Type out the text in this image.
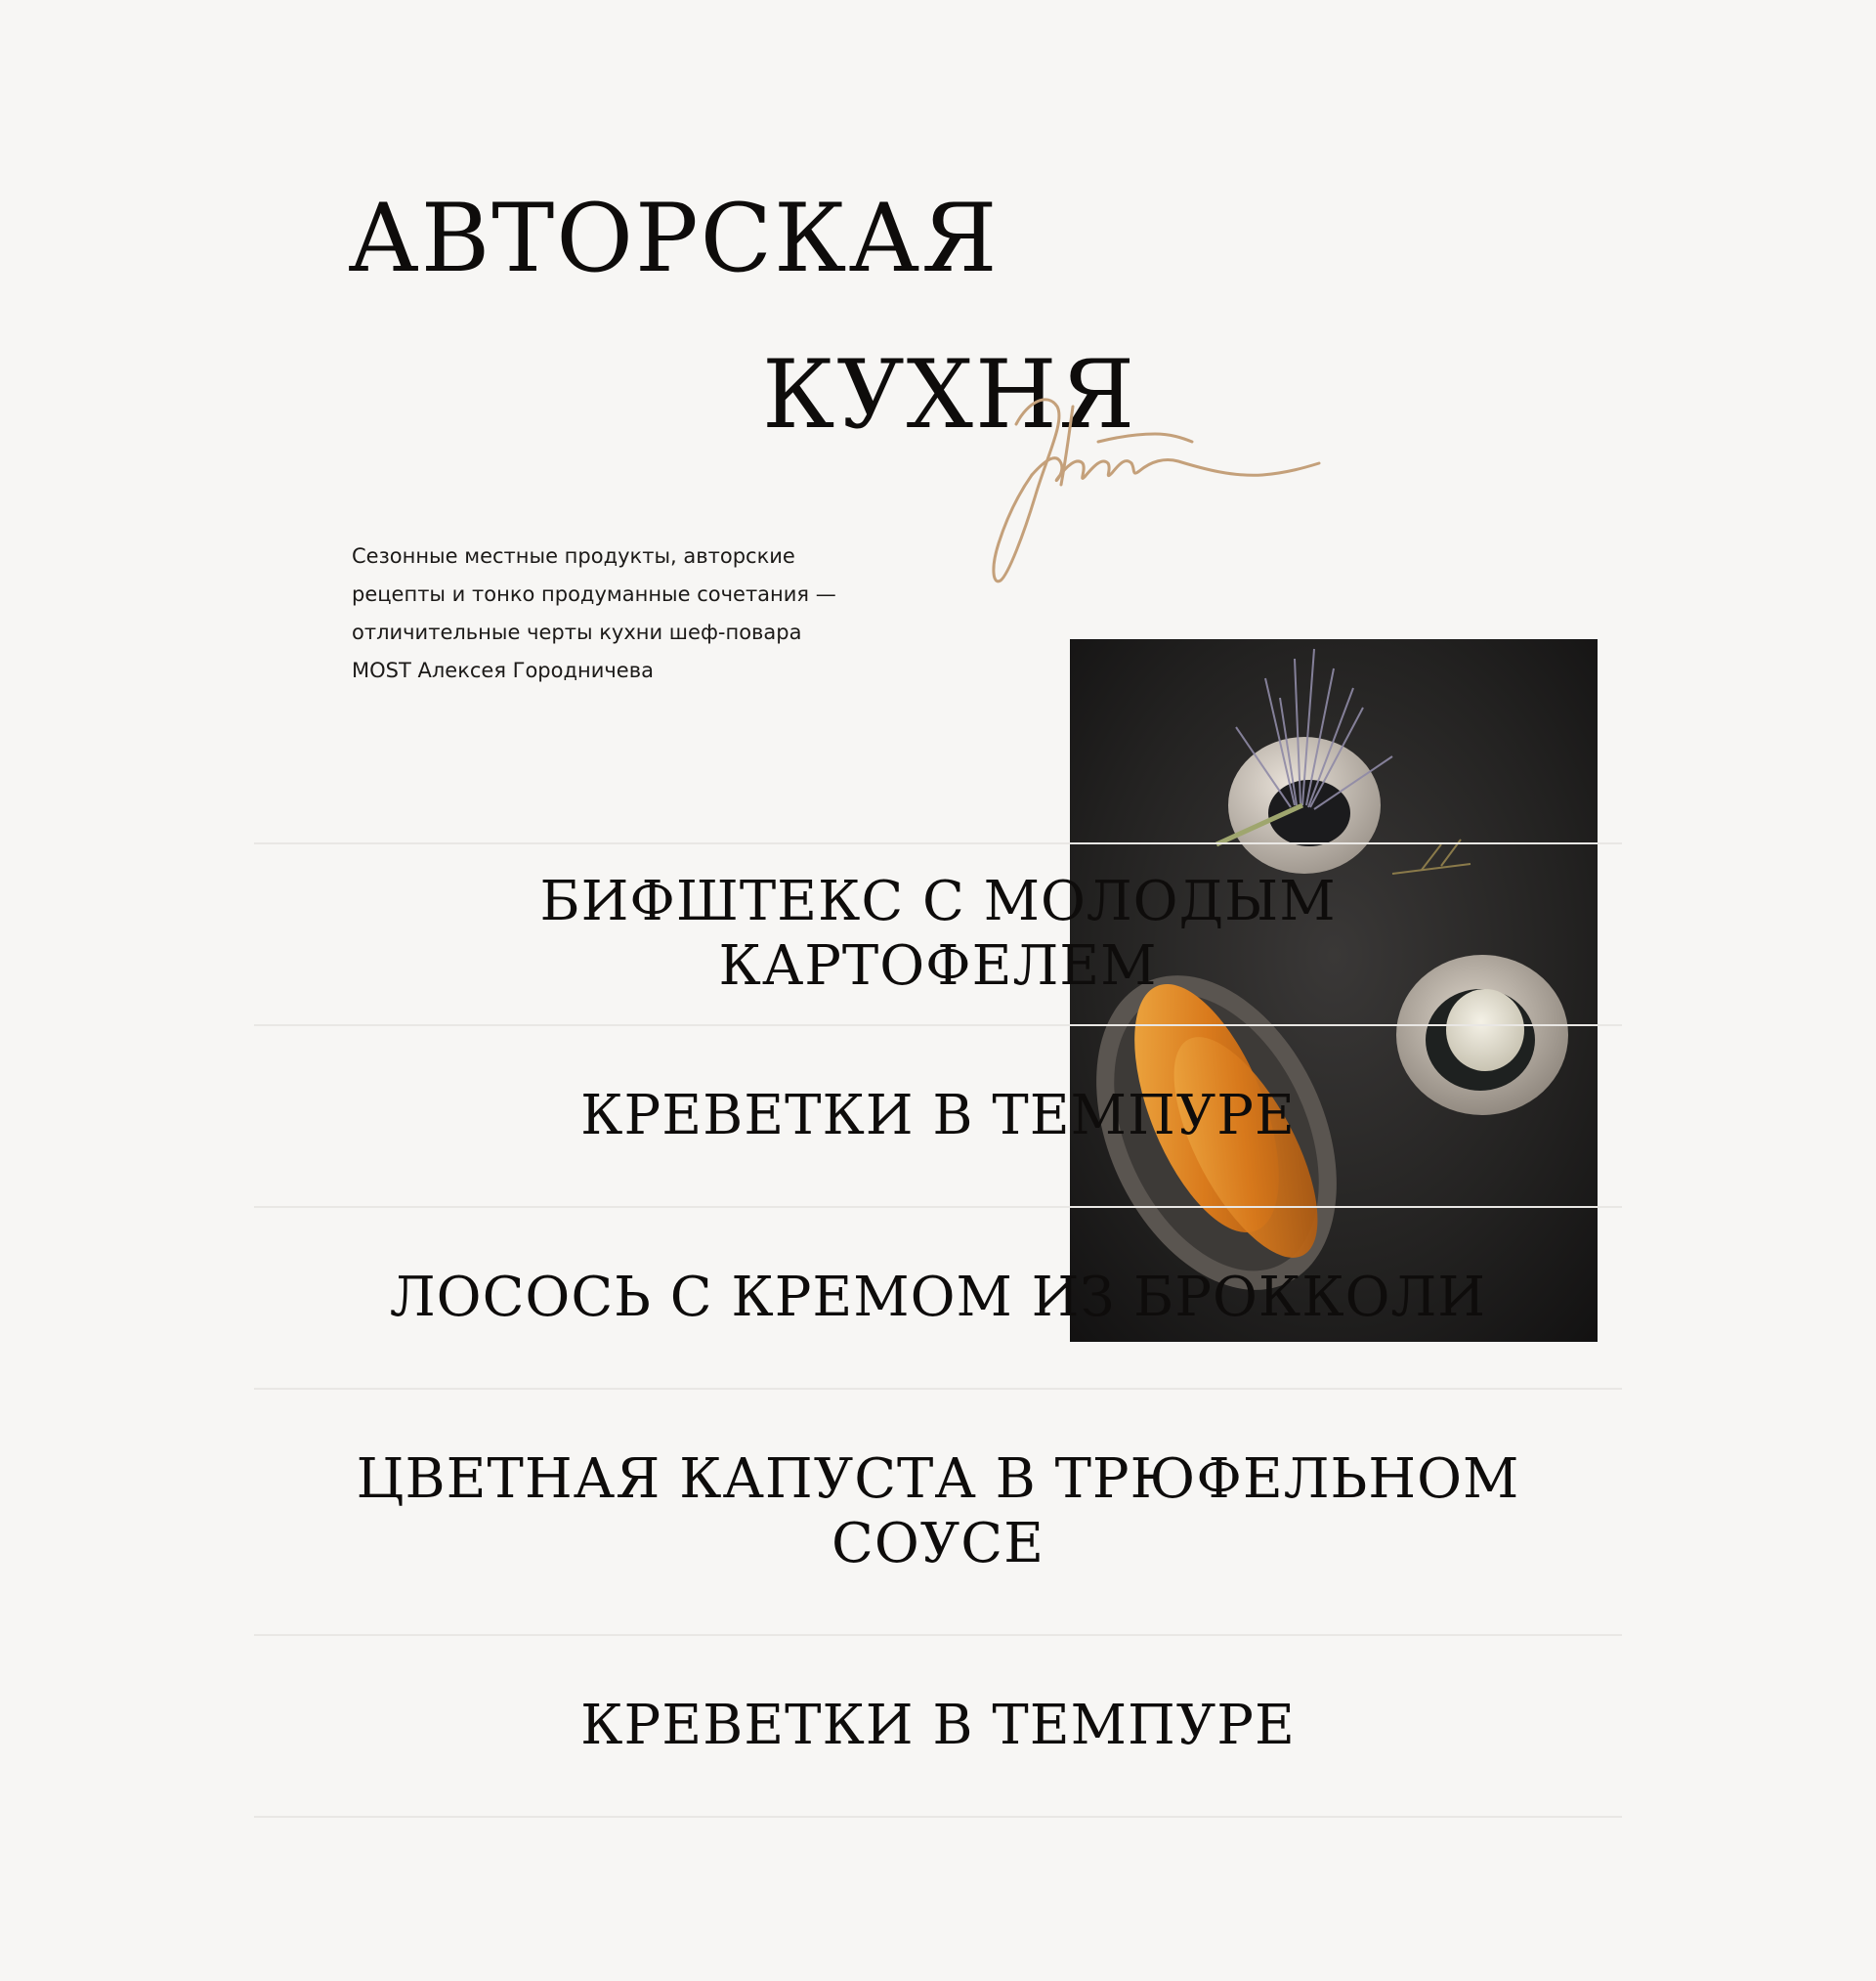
АВТОРСКАЯ
КУХНЯ

Сезонные местные продукты, авторские рецепты и тонко продуманные сочетания — отличительные черты кухни шеф-повара MOST Алексея Городничева

БИФШТЕКС С МОЛОДЫМ КАРТОФЕЛЕМ
КРЕВЕТКИ В ТЕМПУРЕ
ЛОСОСЬ С КРЕМОМ ИЗ БРОККОЛИ
ЦВЕТНАЯ КАПУСТА В ТРЮФЕЛЬНОМ СОУСЕ
КРЕВЕТКИ В ТЕМПУРЕ
